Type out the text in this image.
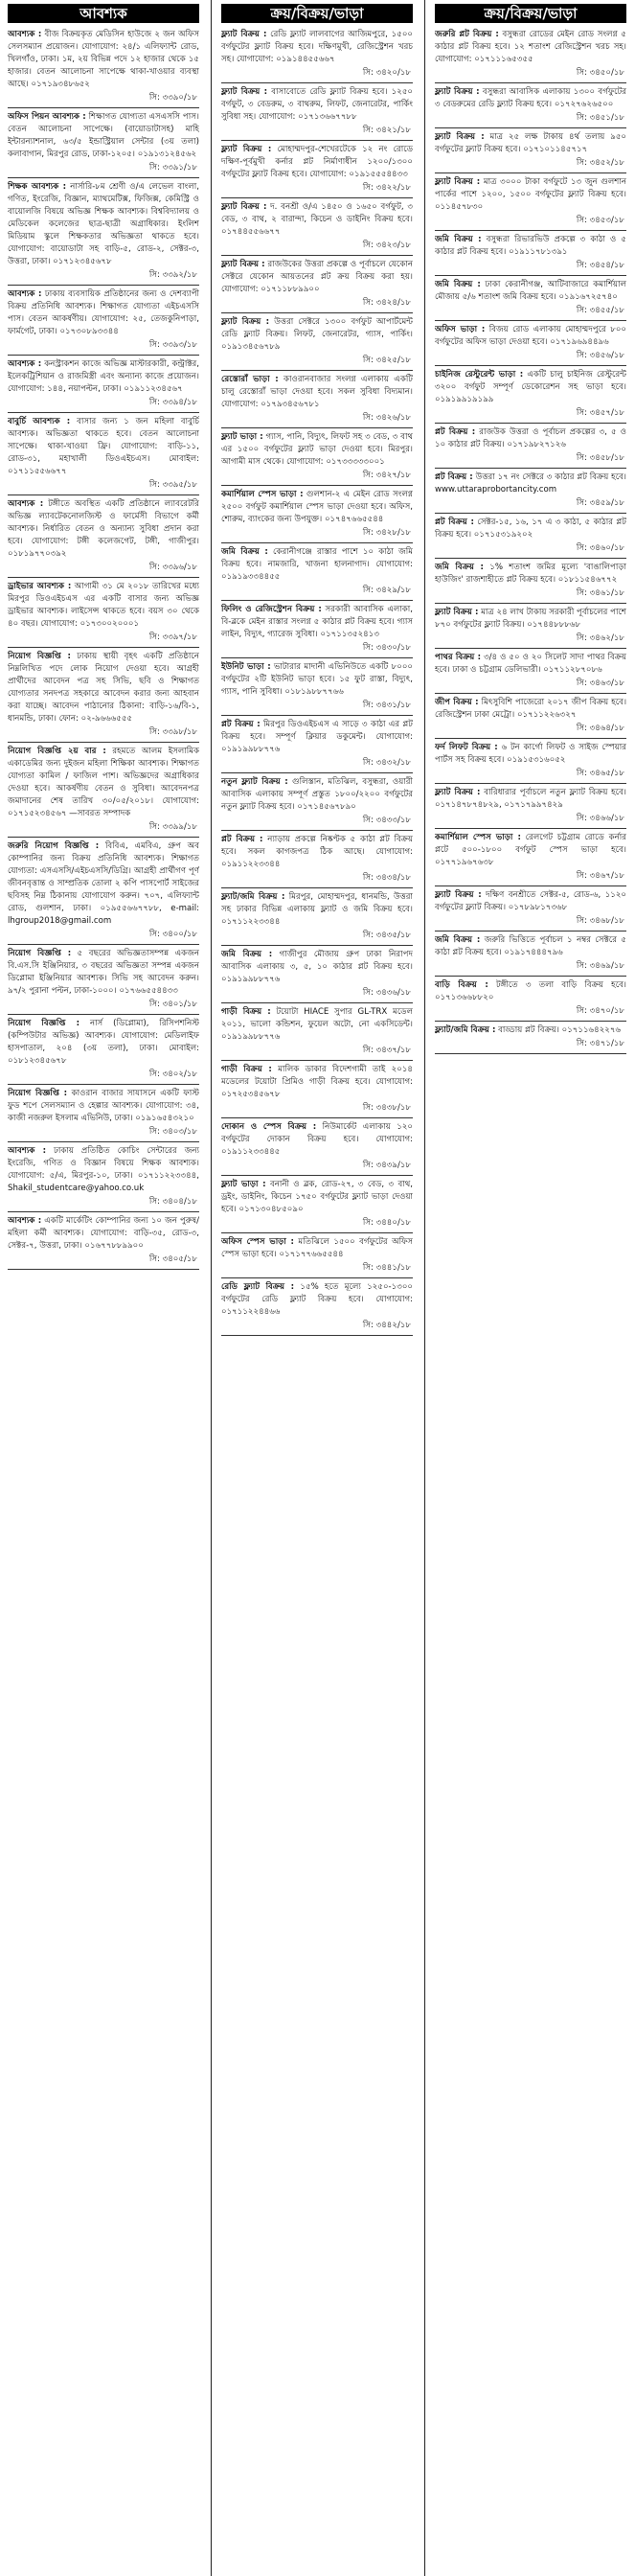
আবশ্যক

আবশ্যক : বীজ বিক্রয়কৃত মেডিসিন হাউজে ২ জন অফিস সেলসম্যান প্রয়োজন। যোগাযোগ: ২৪/১ এলিফ্যান্ট রোড, খিলগাঁও, ঢাকা। ১ম, ২য় বিভিন্ন পদে ১২ হাজার থেকে ১৫ হাজার। বেতন আলোচনা সাপেক্ষে থাকা-খাওয়ার ব্যবস্থা আছে। ০১৭১৯৩৪৮৬৫২

সি: ৩৩৯০/১৮

অফিস পিয়ন আবশ্যক : শিক্ষাগত যোগ্যতা এসএসসি পাস। বেতন আলোচনা সাপেক্ষে। (বায়োডাটাসহ) মাহি ইন্টারন্যাশনাল, ৬৩/৫ ইন্ডাস্ট্রিয়াল সেন্টার (৩য় তলা) কলাবাগান, মিরপুর রোড, ঢাকা-১২০৫। ০১৯১৩১২৪৫৬২

সি: ৩৩৯১/১৮

শিক্ষক আবশ্যক : নার্সারি-৮ম শ্রেণী ও/এ লেভেল বাংলা, গণিত, ইংরেজি, বিজ্ঞান, ম্যাথমেটিক্স, ফিজিক্স, কেমিস্ট্রি ও বায়োলজি বিষয়ে অভিজ্ঞ শিক্ষক আবশ্যক। বিশ্ববিদ্যালয় ও মেডিকেল কলেজের ছাত্র-ছাত্রী অগ্রাধিকার। ইংলিশ মিডিয়াম স্কুলে শিক্ষকতার অভিজ্ঞতা থাকতে হবে। যোগাযোগ: বায়োডাটা সহ বাড়ি-৫, রোড-২, সেক্টর-৩, উত্তরা, ঢাকা। ০১৭১২৩৪৫৬৭৮

সি: ৩৩৯২/১৮

আবশ্যক : ঢাকায় ব্যবসায়িক প্রতিষ্ঠানের জন্য ও দেশব্যাপী বিক্রয় প্রতিনিধি আবশ্যক। শিক্ষাগত যোগ্যতা এইচএসসি পাস। বেতন আকর্ষণীয়। যোগাযোগ: ২৫, তেজকুনিপাড়া, ফার্মগেট, ঢাকা। ০১৭৩০৮৯৩৩৪৪

সি: ৩৩৯৩/১৮

আবশ্যক : কনস্ট্রাকশন কাজে অভিজ্ঞ মাস্টারকারী, কন্ট্রাক্টর, ইলেকট্রিশিয়ান ও রাজমিস্ত্রী এবং অন্যান্য কাজে প্রয়োজন। যোগাযোগ: ১৪৪, নয়াপল্টন, ঢাকা। ০১৯১১২৩৪৫৬৭

সি: ৩৩৯৪/১৮

বাবুর্চি আবশ্যক : বাসার জন্য ১ জন মহিলা বাবুর্চি আবশ্যক। অভিজ্ঞতা থাকতে হবে। বেতন আলোচনা সাপেক্ষে। থাকা-খাওয়া ফ্রি। যোগাযোগ: বাড়ি-১১, রোড-৩১, মহাখালী ডিওএইচএস। মোবাইল: ০১৭১১৫৫৬৬৭৭

সি: ৩৩৯৫/১৮

আবশ্যক : টঙ্গীতে অবস্থিত একটি প্রতিষ্ঠানে ল্যাবরেটরি অভিজ্ঞ ল্যাবটেকনোলজিস্ট ও ফার্মেসী বিভাগে কর্মী আবশ্যক। নির্ধারিত বেতন ও অন্যান্য সুবিধা প্রদান করা হবে। যোগাযোগ: টঙ্গী কলেজগেট, টঙ্গী, গাজীপুর। ০১৮১৯৭৭০৩৯২

সি: ৩৩৯৬/১৮

ড্রাইভার আবশ্যক : আগামী ৩১ মে ২০১৮ তারিখের মধ্যে মিরপুর ডিওএইচএস এর একটি বাসার জন্য অভিজ্ঞ ড্রাইভার আবশ্যক। লাইসেন্স থাকতে হবে। বয়স ৩০ থেকে ৪০ বছর। যোগাযোগ: ০১৭৩০০২০০০১

সি: ৩৩৯৭/১৮

নিয়োগ বিজ্ঞপ্তি : ঢাকায় স্থায়ী বৃহৎ একটি প্রতিষ্ঠানে নিম্নলিখিত পদে লোক নিয়োগ দেওয়া হবে। আগ্রহী প্রার্থীদের আবেদন পত্র সহ সিভি, ছবি ও শিক্ষাগত যোগ্যতার সনদপত্র সহকারে আবেদন করার জন্য আহবান করা যাচ্ছে। আবেদন পাঠানোর ঠিকানা: বাড়ি-১৬/বি-১, ধানমন্ডি, ঢাকা। ফোন: ০২-৯৬৬৬৫৫৫

সি: ৩৩৯৮/১৮

নিয়োগ বিজ্ঞপ্তি ২য় বার : রহমতে আলম ইসলামিক একাডেমির জন্য দুইজন মহিলা শিক্ষিকা আবশ্যক। শিক্ষাগত যোগ্যতা কামিল / ফাজিল পাশ। অভিজ্ঞদের অগ্রাধিকার দেওয়া হবে। আকর্ষণীয় বেতন ও সুবিধা। আবেদনপত্র জমাদানের শেষ তারিখ ৩০/০৫/২০১৮। যোগাযোগ: ০১৭১৫২৩৪৫৬৭ —সাবরত সম্পাদক

সি: ৩৩৯৯/১৮

জরুরি নিয়োগ বিজ্ঞপ্তি : বিবিএ, এমবিএ, গ্রুপ অব কোম্পানির জন্য বিক্রয় প্রতিনিধি আবশ্যক। শিক্ষাগত যোগ্যতা: এসএসসি/এইচএসসি/ডিগ্রি। আগ্রহী প্রার্থীগণ পূর্ণ জীবনবৃত্তান্ত ও সাম্প্রতিক তোলা ২ কপি পাসপোর্ট সাইজের ছবিসহ নিম্ন ঠিকানায় যোগাযোগ করুন। ৭০৭, এলিফ্যান্ট রোড, গুলশান, ঢাকা। ০১৯৫৫৬৬৭৭৮৮, e-mail: lhgroup2018@gmail.com

সি: ৩৪০০/১৮

নিয়োগ বিজ্ঞপ্তি : ৫ বছরের অভিজ্ঞতাসম্পন্ন একজন বি.এস.সি ইঞ্জিনিয়ার, ৩ বছরের অভিজ্ঞতা সম্পন্ন একজন ডিপ্লোমা ইঞ্জিনিয়ার আবশ্যক। সিভি সহ আবেদন করুন। ৯৭/২ পুরানা পল্টন, ঢাকা-১০০০। ০১৭৬৬৫৫৪৪৩৩

সি: ৩৪০১/১৮

নিয়োগ বিজ্ঞপ্তি : নার্স (ডিপ্লোমা), রিসিপশনিস্ট (কম্পিউটার অভিজ্ঞ) আবশ্যক। যোগাযোগ: মেডিলাইফ হাসপাতাল, ২০৪ (৩য় তলা), ঢাকা। মোবাইল: ০১৮১২৩৪৫৬৭৮

সি: ৩৪০২/১৮

নিয়োগ বিজ্ঞপ্তি : কাওরান বাজার সাযাসনে একটি ফাস্ট ফুড শপে সেলসম্যান ও হেল্পার আবশ্যক। যোগাযোগ: ৩৪, কাজী নজরুল ইসলাম এভিনিউ, ঢাকা। ০১৯১৬৫৪৩২১০

সি: ৩৪০৩/১৮

আবশ্যক : ঢাকায় প্রতিষ্ঠিত কোচিং সেন্টারের জন্য ইংরেজি, গণিত ও বিজ্ঞান বিষয়ে শিক্ষক আবশ্যক। যোগাযোগ: ৫/এ, মিরপুর-১০, ঢাকা। ০১৭১১২২৩৩৪৪, Shakil_studentcare@yahoo.co.uk

সি: ৩৪০৪/১৮

আবশ্যক : একটি মার্কেটিং কোম্পানির জন্য ১০ জন পুরুষ/মহিলা কর্মী আবশ্যক। যোগাযোগ: বাড়ি-৩৫, রোড-৩, সেক্টর-৭, উত্তরা, ঢাকা। ০১৬৭৭৮৮৯৯০০

সি: ৩৪০৫/১৮
ক্রয়/বিক্রয়/ভাড়া

ফ্ল্যাট বিক্রয় : রেডি ফ্ল্যাট লালবাগের আজিমপুরে, ১৫০০ বর্গফুটের ফ্ল্যাট বিক্রয় হবে। দক্ষিণমুখী, রেজিস্ট্রেশন খরচ সহ। যোগাযোগ: ০১৯১৪৪৫৫৬৬৭

সি: ৩৪২০/১৮

ফ্ল্যাট বিক্রয় : বাসাবোতে রেডি ফ্ল্যাট বিক্রয় হবে। ১২৫০ বর্গফুট, ৩ বেডরুম, ৩ বাথরুম, লিফট, জেনারেটর, পার্কিং সুবিধা সহ। যোগাযোগ: ০১৭১৩৬৬৭৭৮৮

সি: ৩৪২১/১৮

ফ্ল্যাট বিক্রয় : মোহাম্মদপুর-শেখেরটেকে ১২ নং রোডে দক্ষিণ-পূর্বমুখী কর্নার প্লট নির্মাণাধীন ১২০০/১৩০০ বর্গফুটের ফ্ল্যাট বিক্রয় হবে। যোগাযোগ: ০১৯১৫৫৫৪৪৩৩

সি: ৩৪২২/১৮

ফ্ল্যাট বিক্রয় : দ. বনশ্রী ও/এ ১৪৫০ ও ১৬৫০ বর্গফুট, ৩ বেড, ৩ বাথ, ২ বারান্দা, কিচেন ও ডাইনিং বিক্রয় হবে। ০১৭৪৪৫৫৬৬৭৭

সি: ৩৪২৩/১৮

ফ্ল্যাট বিক্রয় : রাজউকের উত্তরা প্রকল্পে ও পূর্বাচলে যেকোন সেক্টরে যেকোন আয়তনের প্লট ক্রয় বিক্রয় করা হয়। যোগাযোগ: ০১৭১১৮৮৯৯০০

সি: ৩৪২৪/১৮

ফ্ল্যাট বিক্রয় : উত্তরা সেক্টরে ১৩০০ বর্গফুট আপার্টমেন্ট রেডি ফ্ল্যাট বিক্রয়। লিফট, জেনারেটর, গ্যাস, পার্কিং। ০১৯১৩৪৫৬৭৮৯

সি: ৩৪২৫/১৮

রেস্তোরাঁ ভাড়া : কাওরানবাজার সংলগ্ন এলাকায় একটি চালু রেস্তোরাঁ ভাড়া দেওয়া হবে। সকল সুবিধা বিদ্যমান। যোগাযোগ: ০১৭৯৩৪৫৬৭৮১

সি: ৩৪২৬/১৮

ফ্ল্যাট ভাড়া : গ্যাস, পানি, বিদ্যুৎ, লিফট সহ ৩ বেড, ৩ বাথ এর ১৫০০ বর্গফুটের ফ্ল্যাট ভাড়া দেওয়া হবে। মিরপুর। আগামী মাস থেকে। যোগাযোগ: ০১৭৩৩৩৩৩০০১

সি: ৩৪২৭/১৮

কমার্শিয়াল স্পেস ভাড়া : গুলশান-২ এ মেইন রোড সংলগ্ন ২৫০০ বর্গফুট কমার্শিয়াল স্পেস ভাড়া দেওয়া হবে। অফিস, শোরুম, ব্যাংকের জন্য উপযুক্ত। ০১৭৪৭৬৬৫৫৪৪

সি: ৩৪২৮/১৮

জমি বিক্রয় : কেরানীগঞ্জে রাস্তার পাশে ১০ কাঠা জমি বিক্রয় হবে। নামজারি, খাজনা হালনাগাদ। যোগাযোগ: ০১৯১৯৩৩৪৪৫৫

সি: ৩৪২৯/১৮

ফিলিং ও রেজিস্ট্রেশন বিক্রয় : সরকারী আবাসিক এলাকা, বি-ব্লকে মেইন রাস্তার সংলগ্ন ৫ কাঠার প্লট বিক্রয় হবে। গ্যাস লাইন, বিদ্যুৎ, গ্যারেজ সুবিধা। ০১৭১১৩৫২৪১৩

সি: ৩৪৩০/১৮

ইউনিট ভাড়া : ভাটারার মাদানী এভিনিউতে একটি ৮০০০ বর্গফুটের ২টি ইউনিট ভাড়া হবে। ১৫ ফুট রাস্তা, বিদ্যুৎ, গ্যাস, পানি সুবিধা। ০১৮১৯৮৮৭৭৬৬

সি: ৩৪৩১/১৮

প্লট বিক্রয় : মিরপুর ডিওএইচএস এ সাড়ে ৩ কাঠা এর প্লট বিক্রয় হবে। সম্পূর্ণ ক্লিয়ার ডকুমেন্ট। যোগাযোগ: ০১৯১৯৯৮৮৭৭৬

সি: ৩৪৩২/১৮

নতুন ফ্ল্যাট বিক্রয় : গুলিস্তান, মতিঝিল, বসুন্ধরা, ওয়ারী আবাসিক এলাকায় সম্পূর্ণ প্রস্তুত ১৮০০/২২০০ বর্গফুটের নতুন ফ্ল্যাট বিক্রয় হবে। ০১৭১৪৫৬৭৮৯০

সি: ৩৪৩৩/১৮

প্লট বিক্রয় : ন্যাড়ায় প্রকল্পে নিষ্কণ্টক ৫ কাঠা প্লট বিক্রয় হবে। সকল কাগজপত্র ঠিক আছে। যোগাযোগ: ০১৯১১২২৩৩৪৪

সি: ৩৪৩৪/১৮

ফ্ল্যাট/জমি বিক্রয় : মিরপুর, মোহাম্মদপুর, ধানমন্ডি, উত্তরা সহ ঢাকার বিভিন্ন এলাকায় ফ্ল্যাট ও জমি বিক্রয় হবে। ০১৭১১২২৩৩৪৪

সি: ৩৪৩৫/১৮

জমি বিক্রয় : গাজীপুর মৌজায় গ্রুপ ঢাকা নিরাপদ আবাসিক এলাকায় ৩, ৫, ১০ কাঠার প্লট বিক্রয় হবে। ০১৯১৯৯৮৮৭৭৬

সি: ৩৪৩৬/১৮

গাড়ী বিক্রয় : টয়োটা HIACE সুপার GL-TRX মডেল ২০১১, ভালো কন্ডিশন, ফুয়েল অটো, নো একসিডেন্ট। ০১৯১৯৯৮৮৭৭৬

সি: ৩৪৩৭/১৮

গাড়ী বিক্রয় : মালিক ডাকার বিদেশগামী তাই ২০১৪ মডেলের টয়োটা প্রিমিও গাড়ী বিক্রয় হবে। যোগাযোগ: ০১৭২৫৩৪৫৬৭৮

সি: ৩৪৩৮/১৮

দোকান ও স্পেস বিক্রয় : নিউমার্কেট এলাকায় ১২০ বর্গফুটের দোকান বিক্রয় হবে। যোগাযোগ: ০১৯১১২৩৩৪৪৫

সি: ৩৪৩৯/১৮

ফ্ল্যাট ভাড়া : বনানী ও ব্লক, রোড-২৭, ৩ বেড, ৩ বাথ, ড্রইং, ডাইনিং, কিচেন ১৭৫০ বর্গফুটের ফ্ল্যাট ভাড়া দেওয়া হবে। ০১৭১৩০৪৮৫০৯০

সি: ৩৪৪০/১৮

অফিস স্পেস ভাড়া : মতিঝিলে ১৫০০ বর্গফুটের অফিস স্পেস ভাড়া হবে। ০১৭১৭৭৬৬৫৫৪৪

সি: ৩৪৪১/১৮

রেডি ফ্ল্যাট বিক্রয় : ১৫% হতে মূল্যে ১২৫০-১৩০০ বর্গফুটের রেডি ফ্ল্যাট বিক্রয় হবে। যোগাযোগ: ০১৭১১২২৪৪৬৬

সি: ৩৪৪২/১৮
ক্রয়/বিক্রয়/ভাড়া

জরুরি প্লট বিক্রয় : বসুন্ধরা রোডের মেইন রোড সংলগ্ন ৫ কাঠার প্লট বিক্রয় হবে। ১২ শতাংশ রেজিস্ট্রেশন খরচ সহ। যোগাযোগ: ০১৭১১১৬৫৩৫৫

সি: ৩৪৫০/১৮

ফ্ল্যাট বিক্রয় : বসুন্ধরা আবাসিক এলাকায় ১৩০০ বর্গফুটের ৩ বেডরুমের রেডি ফ্ল্যাট বিক্রয় হবে। ০১৭২৭৬২৬৫০০

সি: ৩৪৫১/১৮

ফ্ল্যাট বিক্রয় : মাত্র ২৫ লক্ষ টাকায় ৪র্থ তলায় ৯৫০ বর্গফুটের ফ্ল্যাট বিক্রয় হবে। ০১৭১০১১৪৫৭১৭

সি: ৩৪৫২/১৮

ফ্ল্যাট বিক্রয় : মাত্র ৩০০০ টাকা বর্গফুটে ১৩ জুন গুলশান পার্কের পাশে ১২০০, ১৫০০ বর্গফুটের ফ্ল্যাট বিক্রয় হবে। ০১১৪৫৭৮৩০

সি: ৩৪৫৩/১৮

জমি বিক্রয় : বসুন্ধরা রিভারভিউ প্রকল্পে ৩ কাঠা ও ৫ কাঠার প্লট বিক্রয় হবে। ০১৯১১৭৮১৩৯১

সি: ৩৪৫৪/১৮

জমি বিক্রয় : ঢাকা কেরানীগঞ্জ, আটিবাজারে কমার্শিয়াল মৌজায় ৫/৬ শতাংশ জমি বিক্রয় হবে। ০১৯১৬৭২৫৭৪০

সি: ৩৪৫৫/১৮

অফিস ভাড়া : বিজয় রোড এলাকায় মোহাম্মদপুরে ৮০০ বর্গফুটের অফিস ভাড়া দেওয়া হবে। ০১৭১৯৬৯৪৪৯৬

সি: ৩৪৫৬/১৮

চাইনিজ রেস্টুরেন্ট ভাড়া : একটি চালু চাইনিজ রেস্টুরেন্ট ৩২০০ বর্গফুট সম্পূর্ণ ডেকোরেশন সহ ভাড়া হবে। ০১৯১৯৯১৯১৯৯

সি: ৩৪৫৭/১৮

প্লট বিক্রয় : রাজউক উত্তরা ও পূর্বাচল প্রকল্পের ৩, ৫ ও ১০ কাঠার প্লট বিক্রয়। ০১৭১৯৮২৭১২৬

সি: ৩৪৫৮/১৮

প্লট বিক্রয় : উত্তরা ১৭ নং সেক্টরে ৩ কাঠার প্লট বিক্রয় হবে। www.uttaraprobortancity.com

সি: ৩৪৫৯/১৮

প্লট বিক্রয় : সেক্টর-১৫, ১৬, ১৭ এ ৩ কাঠা, ৫ কাঠার প্লট বিক্রয় হবে। ০১৭১৫৩১৯২০২

সি: ৩৪৬০/১৮

জমি বিক্রয় : ১% শতাংশ জমির মূল্যে 'বাঙালিপাড়া হাউজিং' রাজশাহীতে প্লট বিক্রয় হবে। ০১৮১১৫৪৬৭৭২

সি: ৩৪৬১/১৮

ফ্ল্যাট বিক্রয় : মাত্র ২৪ লাখ টাকায় সরকারী পূর্বাচলের পাশে ৮৭০ বর্গফুটের ফ্ল্যাট বিক্রয়। ০১৭৪৪৮৮৮৬৮

সি: ৩৪৬২/১৮

পাথর বিক্রয় : ৩/৪ ও ৫০ ও ২০ সিলেট সাদা পাথর বিক্রয় হবে। ঢাকা ও চট্টগ্রাম ডেলিভারী। ০১৭১১২৮৭০৮৬

সি: ৩৪৬৩/১৮

জীপ বিক্রয় : মিৎসুবিশি পাজেরো ২০১৭ জীপ বিক্রয় হবে। রেজিস্ট্রেশন ঢাকা মেট্রো। ০১৭১১২২৬৩২৭

সি: ৩৪৬৪/১৮

ফর্দ লিফট বিক্রয় : ৬ টন কার্গো লিফট ও সাইজ স্পেয়ার পার্টস সহ বিক্রয় হবে। ০১৯১৫৩১৬০৫২

সি: ৩৪৬৫/১৮

ফ্ল্যাট বিক্রয় : বারিধারার পূর্বাচলে নতুন ফ্ল্যাট বিক্রয় হবে। ০১৭১৪৭৮৭৪৮২৯, ০১৭১৭৯৯৭৪২৯

সি: ৩৪৬৬/১৮

কমার্শিয়াল স্পেস ভাড়া : রেলগেট চট্টগ্রাম রোডে কর্নার প্লটে ৫০০-১৮০০ বর্গফুট স্পেস ভাড়া হবে। ০১৭৭১৯৬৭৬৩৮

সি: ৩৪৬৭/১৮

ফ্ল্যাট বিক্রয় : দক্ষিণ বনশ্রীতে সেক্টর-৫, রোড-৬, ১১২০ বর্গফুটের ফ্ল্যাট বিক্রয়। ০১৭৮৯৮১৭৩৬৮

সি: ৩৪৬৮/১৮

জমি বিক্রয় : জরুরি ভিত্তিতে পূর্বাচল ১ নম্বর সেক্টরে ৫ কাঠা প্লট বিক্রয় হবে। ০১৯১৭৪৪৪৭৯৬

সি: ৩৪৬৯/১৮

বাড়ি বিক্রয় : টঙ্গীতে ৩ তলা বাড়ি বিক্রয় হবে। ০১৭১৩৬৬৮৮২০

সি: ৩৪৭০/১৮

ফ্ল্যাট/জমি বিক্রয় : বাড্ডায় প্লট বিক্রয়। ০১৭১১৬৪২২৭৬

সি: ৩৪৭১/১৮
